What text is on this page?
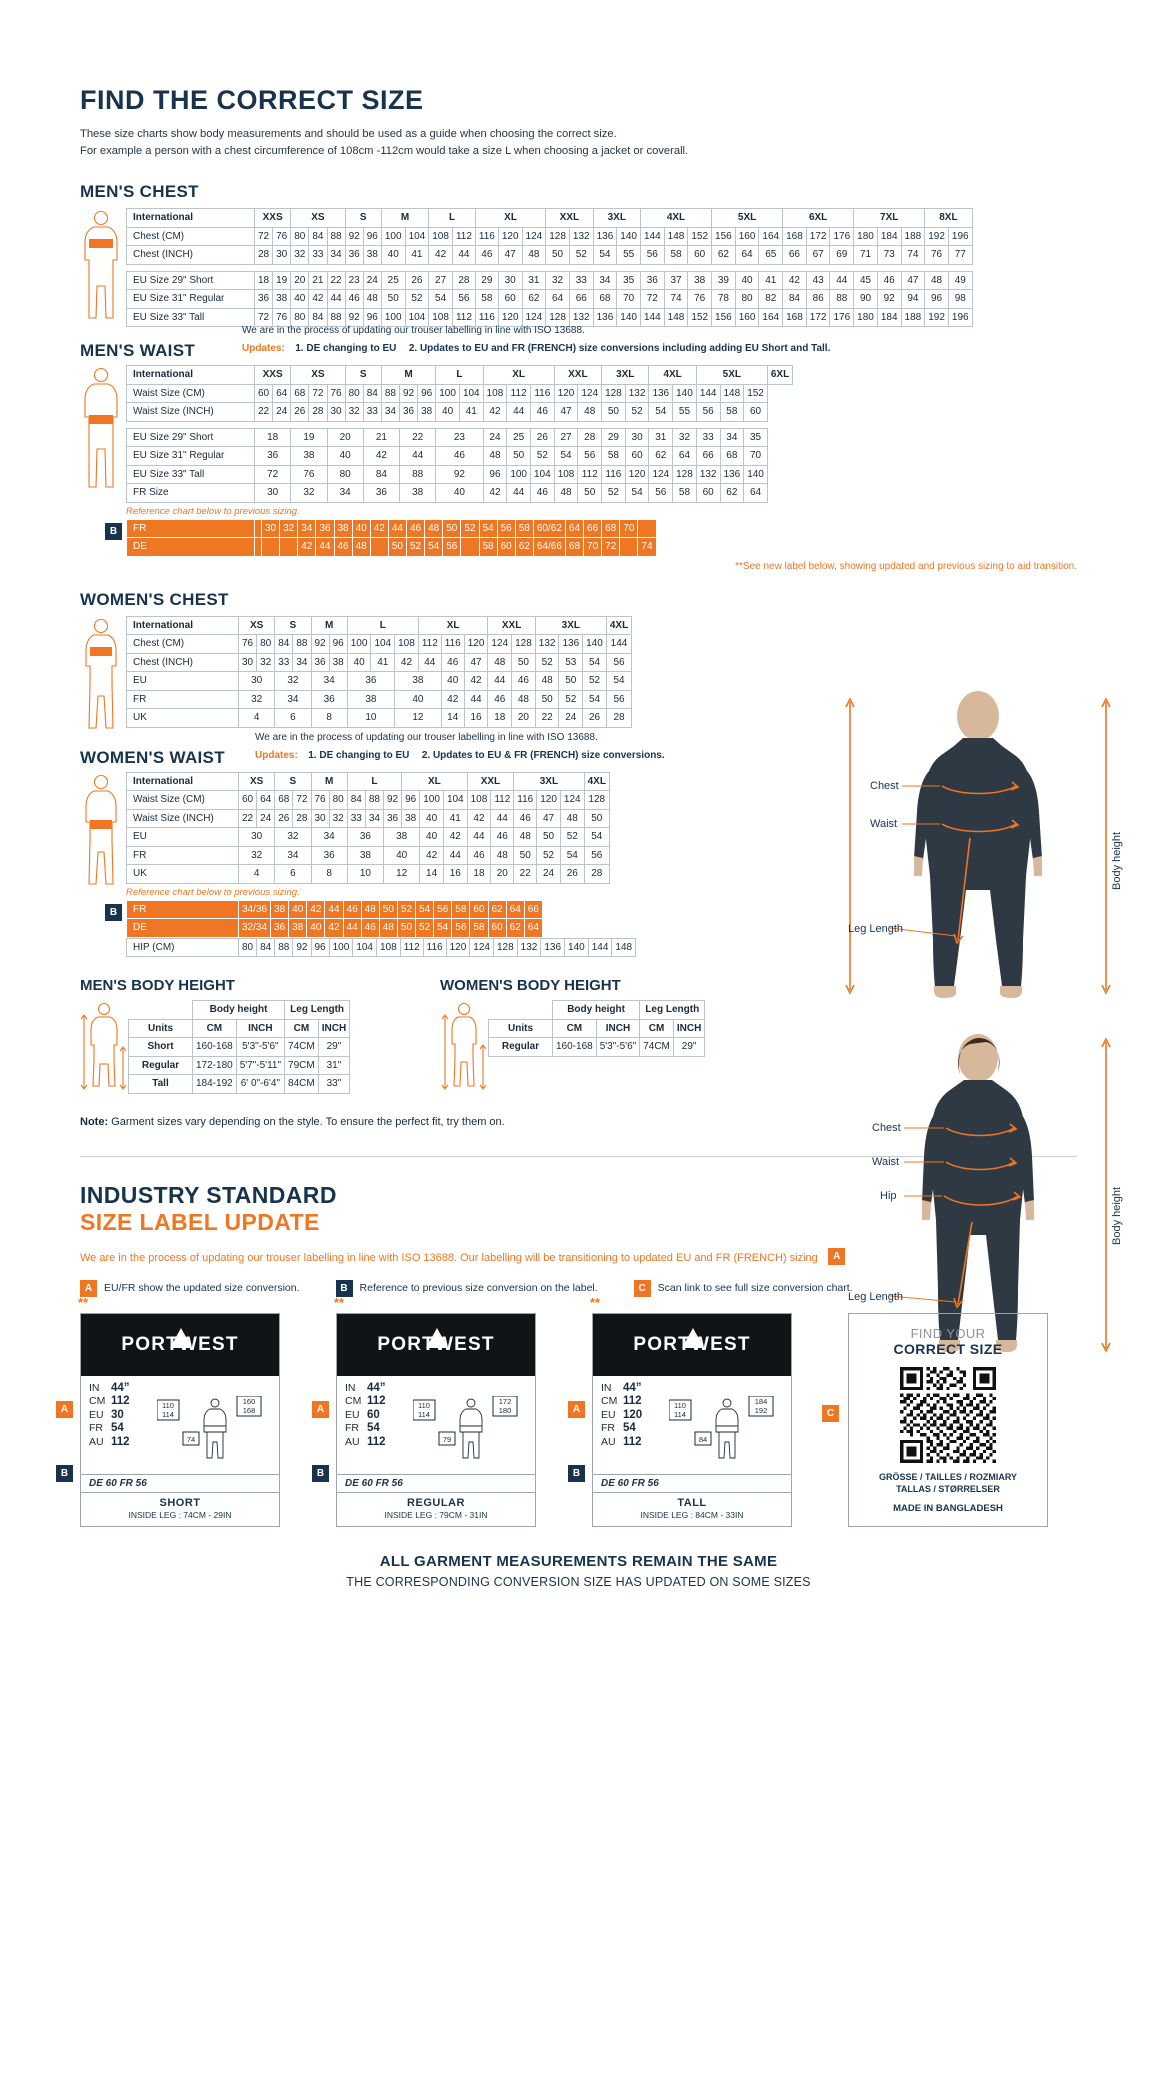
FIND THE CORRECT SIZE
These size charts show body measurements and should be used as a guide when choosing the correct size.
For example a person with a chest circumference of 108cm -112cm would take a size L when choosing a jacket or coverall.
MEN'S CHEST
International	XXS		XS			S		M		L		XL			XXL		3XL		4XL			5XL			6XL			7XL			8XL	
Chest (CM)	72	76	80	84	88	92	96	100	104	108	112	116	120	124	128	132	136	140	144	148	152	156	160	164	168	172	176	180	184	188	192	196
Chest (INCH)	28	30	32	33	34	36	38	40	41	42	44	46	47	48	50	52	54	55	56	58	60	62	64	65	66	67	69	71	73	74	76	77

EU Size 29" Short	18	19	20	21	22	23	24	25	26	27	28	29	30	31	32	33	34	35	36	37	38	39	40	41	42	43	44	45	46	47	48	49
EU Size 31" Regular	36	38	40	42	44	46	48	50	52	54	56	58	60	62	64	66	68	70	72	74	76	78	80	82	84	86	88	90	92	94	96	98
EU Size 33" Tall	72	76	80	84	88	92	96	100	104	108	112	116	120	124	128	132	136	140	144	148	152	156	160	164	168	172	176	180	184	188	192	196
MEN'S WAIST
We are in the process of updating our trouser labelling in line with ISO 13688.
Updates: 1. DE changing to EU 2. Updates to EU and FR (FRENCH) size conversions including adding EU Short and Tall.
International	XXS		XS			S		M			L		XL			XXL		3XL		4XL		5XL			6XL
Waist Size (CM)	60	64	68	72	76	80	84	88	92	96	100	104	108	112	116	120	124	128	132	136	140	144	148	152	
Waist Size (INCH)	22	24	26	28	30	32	33	34	36	38	40	41	42	44	46	47	48	50	52	54	55	56	58	60	

EU Size 29" Short	18		19		20		21		22		23		24	25	26	27	28	29	30	31	32	33	34	35	
EU Size 31" Regular	36		38		40		42		44		46		48	50	52	54	56	58	60	62	64	66	68	70	
EU Size 33" Tall	72		76		80		84		88		92		96	100	104	108	112	116	120	124	128	132	136	140	
FR Size	30		32		34		36		38		40		42	44	46	48	50	52	54	56	58	60	62	64	
Reference chart below to previous sizing.
B	FR		30	32	34	36	38	40	42	44	46	48	50	52	54	56	58	60/62	64	66	68	70	
DE				42	44	46	48		50	52	54	56		58	60	62	64/66	68	70	72		74
**See new label below, showing updated and previous sizing to aid transition.
WOMEN'S CHEST
International	XS		S		M		L			XL			XXL		3XL			4XL
Chest (CM)	76	80	84	88	92	96	100	104	108	112	116	120	124	128	132	136	140	144
Chest (INCH)	30	32	33	34	36	38	40	41	42	44	46	47	48	50	52	53	54	56
EU	30		32		34		36		38		40	42	44	46	48	50	52	54
FR	32		34		36		38		40		42	44	46	48	50	52	54	56
UK	4		6		8		10		12		14	16	18	20	22	24	26	28
WOMEN'S WAIST
We are in the process of updating our trouser labelling in line with ISO 13688.
Updates: 1. DE changing to EU 2. Updates to EU & FR (FRENCH) size conversions.
International	XS		S		M		L			XL			XXL		3XL			4XL
Waist Size (CM)	60	64	68	72	76	80	84	88	92	96	100	104	108	112	116	120	124	128
Waist Size (INCH)	22	24	26	28	30	32	33	34	36	38	40	41	42	44	46	47	48	50
EU	30		32		34		36		38		40	42	44	46	48	50	52	54
FR	32		34		36		38		40		42	44	46	48	50	52	54	56
UK	4		6		8		10		12		14	16	18	20	22	24	26	28
Reference chart below to previous sizing.
B	FR	34/36	38	40	42	44	46	48	50	52	54	56	58	60	62	64	66
DE	32/34	36	38	40	42	44	46	48	50	52	54	56	58	60	62	64
HIP (CM)	80	84	88	92	96	100	104	108	112	116	120	124	128	132	136	140	144	148
MEN'S BODY HEIGHT
	Body height		Leg Length	
Units	CM	INCH	CM	INCH
Short	160-168	5'3"-5'6"	74CM	29"
Regular	172-180	5'7"-5'11"	79CM	31"
Tall	184-192	6' 0"-6'4"	84CM	33"
WOMEN'S BODY HEIGHT
	Body height		Leg Length	
Units	CM	INCH	CM	INCH
Regular	160-168	5'3"-5'6"	74CM	29"
Note: Garment sizes vary depending on the style. To ensure the perfect fit, try them on.
Chest
Waist
Leg Length
Body height
Chest
Waist
Hip
Leg Length
Body height
INDUSTRY STANDARD
SIZE LABEL UPDATE
We are in the process of updating our trouser labelling in line with ISO 13688. Our labelling will be transitioning to updated EU and FR (FRENCH) sizing A
A	EU/FR show the updated size conversion.	B	Reference to previous size conversion on the label.	C	Scan link to see full size conversion chart.
**
A
B
PORTWEST
IN 44”
CM 112
EU 30
FR 54
AU 112
110
114
160
168
74
DE 60 FR 56
SHORT
INSIDE LEG : 74CM - 29IN
**
A
B
PORTWEST
IN 44”
CM 112
EU 60
FR 54
AU 112
110
114
172
180
79
DE 60 FR 56
REGULAR
INSIDE LEG : 79CM - 31IN
**
A
B
PORTWEST
IN 44”
CM 112
EU 120
FR 54
AU 112
110
114
184
192
84
DE 60 FR 56
TALL
INSIDE LEG : 84CM - 33IN
C
FIND YOUR
CORRECT SIZE
GRÖSSE / TAILLES / ROZMIARY
TALLAS / STØRRELSER
MADE IN BANGLADESH
ALL GARMENT MEASUREMENTS REMAIN THE SAME
THE CORRESPONDING CONVERSION SIZE HAS UPDATED ON SOME SIZES
